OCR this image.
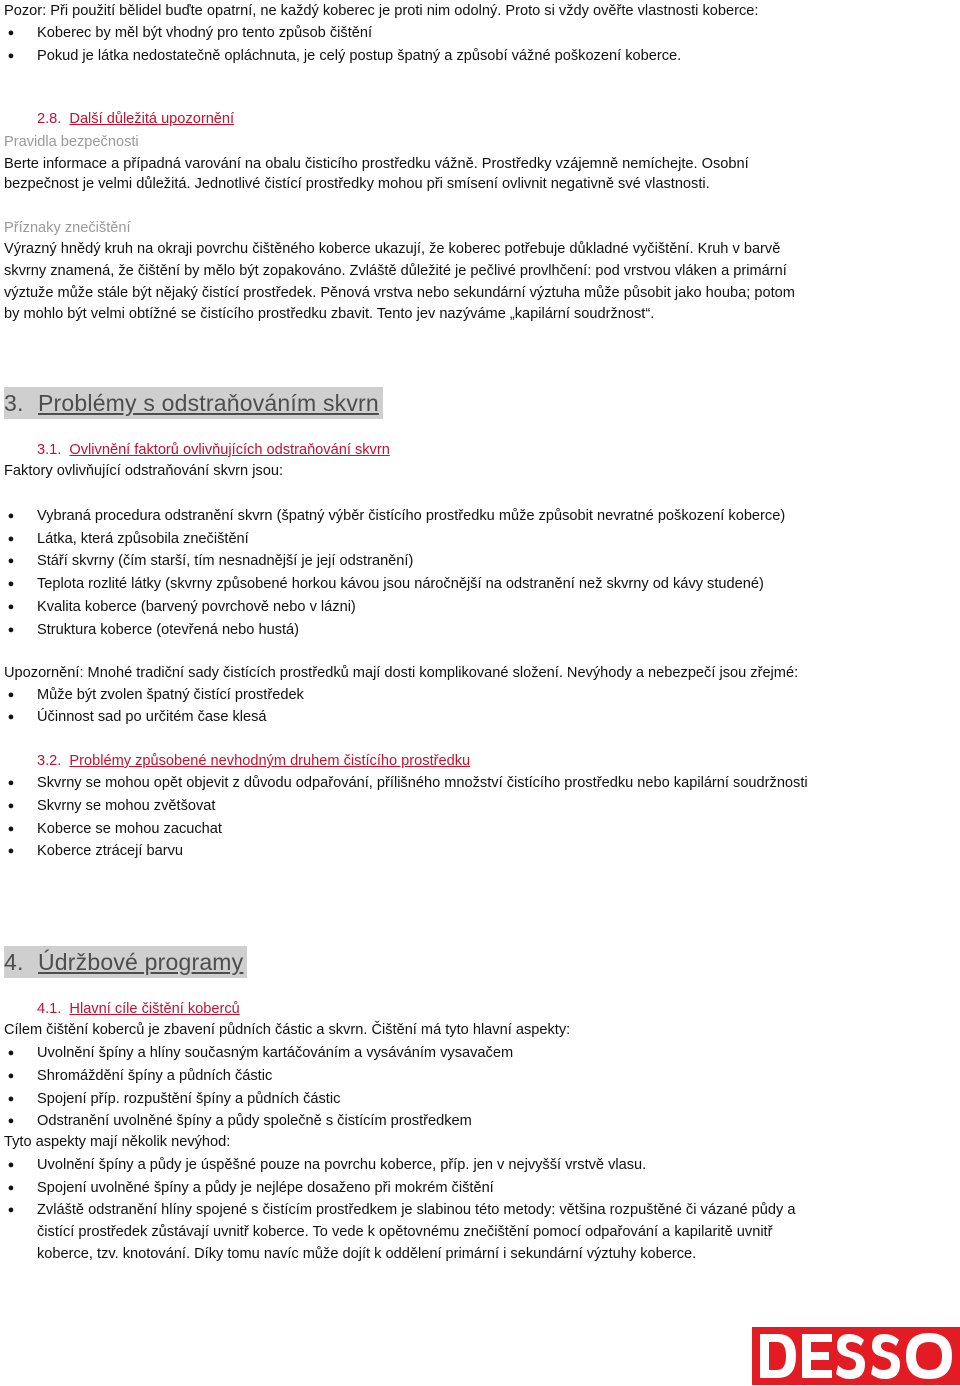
Pozor: Při použití bělidel buďte opatrní, ne každý koberec je proti nim odolný. Proto si vždy ověřte vlastnosti koberce:

● Koberec by měl být vhodný pro tento způsob čištění
● Pokud je látka nedostatečně opláchnuta, je celý postup špatný a způsobí vážné poškození koberce.
2.8. Další důležitá upozornění

Pravidla bezpečnosti

Berte informace a případná varování na obalu čisticího prostředku vážně. Prostředky vzájemně nemíchejte. Osobní

bezpečnost je velmi důležitá. Jednotlivé čistící prostředky mohou při smísení ovlivnit negativně své vlastnosti.

Příznaky znečištění

Výrazný hnědý kruh na okraji povrchu čištěného koberce ukazují, že koberec potřebuje důkladné vyčištění. Kruh v barvě

skvrny znamená, že čištění by mělo být zopakováno. Zvláště důležité je pečlivé provlhčení: pod vrstvou vláken a primární

výztuže může stále být nějaký čistící prostředek. Pěnová vrstva nebo sekundární výztuha může působit jako houba; potom

by mohlo být velmi obtížné se čistícího prostředku zbavit. Tento jev nazýváme „kapilární soudržnost“.

3. Problémy s odstraňováním skvrn
3.1. Ovlivnění faktorů ovlivňujících odstraňování skvrn

Faktory ovlivňující odstraňování skvrn jsou:

● Vybraná procedura odstranění skvrn (špatný výběr čistícího prostředku může způsobit nevratné poškození koberce)
● Látka, která způsobila znečištění
● Stáří skvrny (čím starší, tím nesnadnější je její odstranění)
● Teplota rozlité látky (skvrny způsobené horkou kávou jsou náročnější na odstranění než skvrny od kávy studené)
● Kvalita koberce (barvený povrchově nebo v lázni)
● Struktura koberce (otevřená nebo hustá)

Upozornění: Mnohé tradiční sady čistících prostředků mají dosti komplikované složení. Nevýhody a nebezpečí jsou zřejmé:

● Může být zvolen špatný čistící prostředek
● Účinnost sad po určitém čase klesá
3.2. Problémy způsobené nevhodným druhem čistícího prostředku
● Skvrny se mohou opět objevit z důvodu odpařování, přílišného množství čistícího prostředku nebo kapilární soudržnosti
● Skvrny se mohou zvětšovat
● Koberce se mohou zacuchat
● Koberce ztrácejí barvu
4. Údržbové programy
4.1. Hlavní cíle čištění koberců

Cílem čištění koberců je zbavení půdních částic a skvrn. Čištění má tyto hlavní aspekty:

● Uvolnění špíny a hlíny současným kartáčováním a vysáváním vysavačem
● Shromáždění špíny a půdních částic
● Spojení příp. rozpuštění špíny a půdních částic
● Odstranění uvolněné špíny a půdy společně s čistícím prostředkem

Tyto aspekty mají několik nevýhod:

● Uvolnění špíny a půdy je úspěšné pouze na povrchu koberce, příp. jen v nejvyšší vrstvě vlasu.
● Spojení uvolněné špíny a půdy je nejlépe dosaženo při mokrém čištění
● Zvláště odstranění hlíny spojené s čistícím prostředkem je slabinou této metody: většina rozpuštěné či vázané půdy a
čistící prostředek zůstávají uvnitř koberce. To vede k opětovnému znečištění pomocí odpařování a kapilaritě uvnitř
koberce, tzv. knotování. Díky tomu navíc může dojít k oddělení primární i sekundární výztuhy koberce.
